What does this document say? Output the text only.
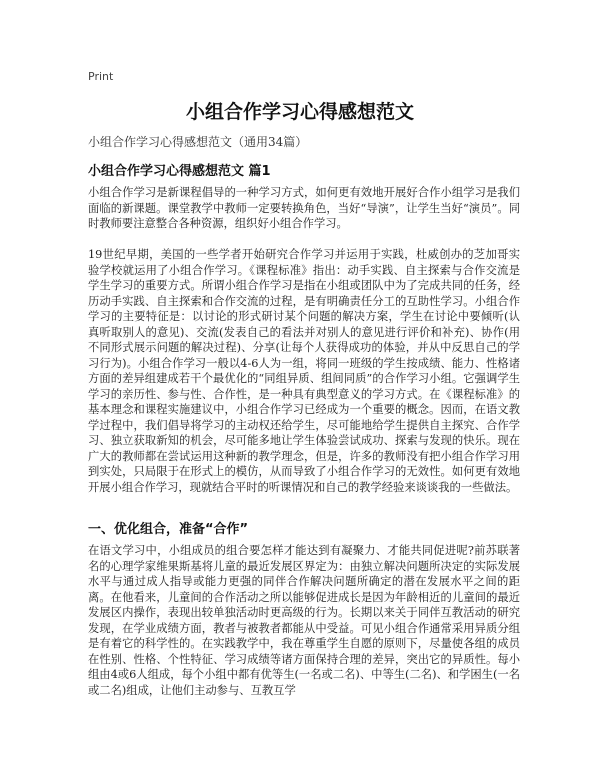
Print
小组合作学习心得感想范文
小组合作学习心得感想范文（通用34篇）
小组合作学习心得感想范文 篇1
小组合作学习是新课程倡导的一种学习方式，如何更有效地开展好合作小组学习是我们面临的新课题。课堂教学中教师一定要转换角色，当好“导演”，让学生当好“演员”。同时教师要注意整合各种资源，组织好小组合作学习。
19世纪早期，美国的一些学者开始研究合作学习并运用于实践，杜威创办的芝加哥实验学校就运用了小组合作学习。《课程标准》指出：动手实践、自主探索与合作交流是学生学习的重要方式。所谓小组合作学习是指在小组或团队中为了完成共同的任务，经历动手实践、自主探索和合作交流的过程，是有明确责任分工的互助性学习。小组合作学习的主要特征是：以讨论的形式研讨某个问题的解决方案，学生在讨论中要倾听(认真听取别人的意见)、交流(发表自己的看法并对别人的意见进行评价和补充)、协作(用不同形式展示问题的解决过程)、分享(让每个人获得成功的体验，并从中反思自己的学习行为)。小组合作学习一般以4-6人为一组，将同一班级的学生按成绩、能力、性格诸方面的差异组建成若干个最优化的“同组异质、组间同质”的合作学习小组。它强调学生学习的亲历性、参与性、合作性，是一种具有典型意义的学习方式。在《课程标准》的基本理念和课程实施建议中，小组合作学习已经成为一个重要的概念。因而，在语文教学过程中，我们倡导将学习的主动权还给学生，尽可能地给学生提供自主探究、合作学习、独立获取新知的机会，尽可能多地让学生体验尝试成功、探索与发现的快乐。现在广大的教师都在尝试运用这种新的教学理念，但是，许多的教师没有把小组合作学习用到实处，只局限于在形式上的模仿，从而导致了小组合作学习的无效性。如何更有效地开展小组合作学习，现就结合平时的听课情况和自己的教学经验来谈谈我的一些做法。
一、优化组合，准备“合作”
在语文学习中，小组成员的组合要怎样才能达到有凝聚力、才能共同促进呢?前苏联著名的心理学家维果斯基将儿童的最近发展区界定为：由独立解决问题所决定的实际发展水平与通过成人指导或能力更强的同伴合作解决问题所确定的潜在发展水平之间的距离。在他看来，儿童间的合作活动之所以能够促进成长是因为年龄相近的儿童间的最近发展区内操作，表现出较单独活动时更高级的行为。长期以来关于同伴互教活动的研究发现，在学业成绩方面，教者与被教者都能从中受益。可见小组合作通常采用异质分组是有着它的科学性的。在实践教学中，我在尊重学生自愿的原则下，尽量使各组的成员在性别、性格、个性特征、学习成绩等诸方面保持合理的差异，突出它的异质性。每小组由4或6人组成，每个小组中都有优等生(一名或二名)、中等生(二名)、和学困生(一名或二名)组成，让他们主动参与、互教互学
